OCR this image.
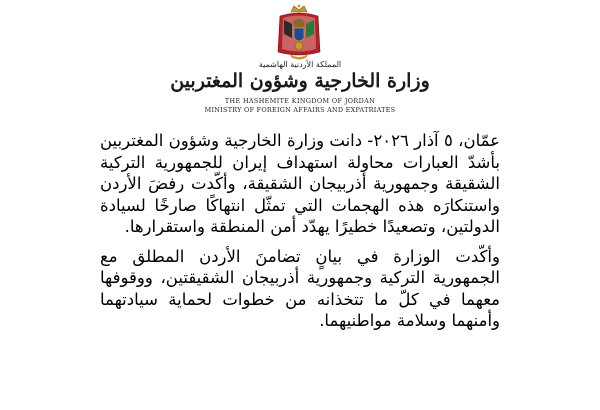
المملكة الأردنية الهاشمية
وزارة الخارجية وشؤون المغتربين
THE HASHEMITE KINGDOM OF JORDAN
MINISTRY OF FOREIGN AFFAIRS AND EXPATRIATES

عمّان، ٥ آذار ٢٠٢٦- دانت وزارة الخارجية وشؤون المغتربين بأشدّ العبارات محاولة استهداف إيران للجمهورية التركية الشقيقة وجمهورية أذربيجان الشقيقة، وأكّدت رفضَ الأردن واستنكارَه هذه الهجمات التي تمثّل انتهاكًا صارخًا لسيادة الدولتين، وتصعيدًا خطيرًا يهدّد أمن المنطقة واستقرارها.

وأكّدت الوزارة في بيانٍ تضامنَ الأردن المطلق مع الجمهورية التركية وجمهورية أذربيجان الشقيقتين، ووقوفها معهما في كلّ ما تتخذانه من خطوات لحماية سيادتهما وأمنهما وسلامة مواطنيهما.
